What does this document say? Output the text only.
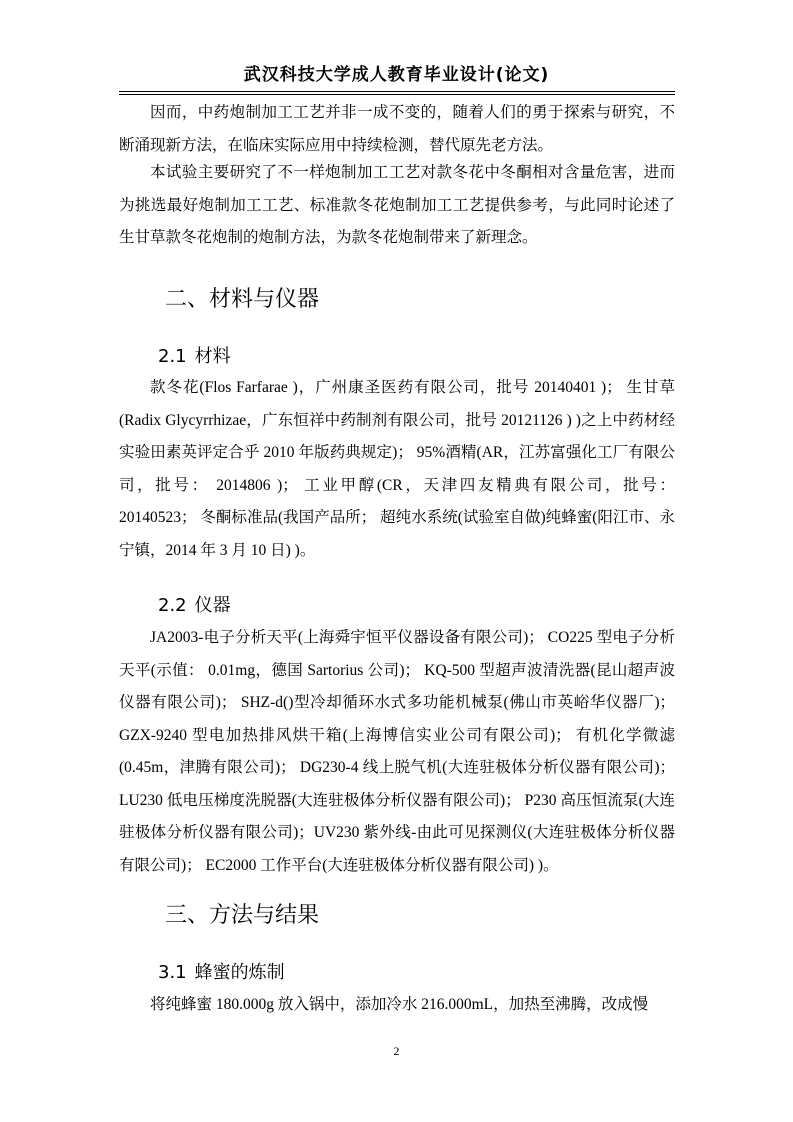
武汉科技大学成人教育毕业设计(论文)
因而，中药炮制加工工艺并非一成不变的，随着人们的勇于探索与研究，不断涌现新方法，在临床实际应用中持续检测，替代原先老方法。
本试验主要研究了不一样炮制加工工艺对款冬花中冬酮相对含量危害，进而为挑选最好炮制加工工艺、标准款冬花炮制加工工艺提供参考，与此同时论述了生甘草款冬花炮制的炮制方法，为款冬花炮制带来了新理念。
二、材料与仪器
2.1 材料
款冬花(Flos Farfarae )，广州康圣医药有限公司，批号 20140401 )； 生甘草(Radix Glycyrrhizae，广东恒祥中药制剂有限公司，批号 20121126 ) )之上中药材经实验田素英评定合乎 2010 年版药典规定)； 95%酒精(AR，江苏富强化工厂有限公司，批号： 2014806 )； 工业甲醇(CR，天津四友精典有限公司，批号：20140523； 冬酮标准品(我国产品所； 超纯水系统(试验室自做)纯蜂蜜(阳江市、永宁镇，2014 年 3 月 10 日) )。
2.2 仪器
JA2003-电子分析天平(上海舜宇恒平仪器设备有限公司)； CO225 型电子分析天平(示值： 0.01mg，德国 Sartorius 公司)； KQ-500 型超声波清洗器(昆山超声波仪器有限公司)； SHZ-d()型冷却循环水式多功能机械泵(佛山市英峪华仪器厂)； GZX-9240 型电加热排风烘干箱(上海博信实业公司有限公司)； 有机化学微滤(0.45m，津腾有限公司)； DG230-4 线上脱气机(大连驻极体分析仪器有限公司)； LU230 低电压梯度洗脱器(大连驻极体分析仪器有限公司)； P230 高压恒流泵(大连驻极体分析仪器有限公司)；UV230 紫外线-由此可见探测仪(大连驻极体分析仪器有限公司)； EC2000 工作平台(大连驻极体分析仪器有限公司) )。
三、方法与结果
3.1 蜂蜜的炼制
将纯蜂蜜 180.000g 放入锅中，添加冷水 216.000mL，加热至沸腾，改成慢
2
